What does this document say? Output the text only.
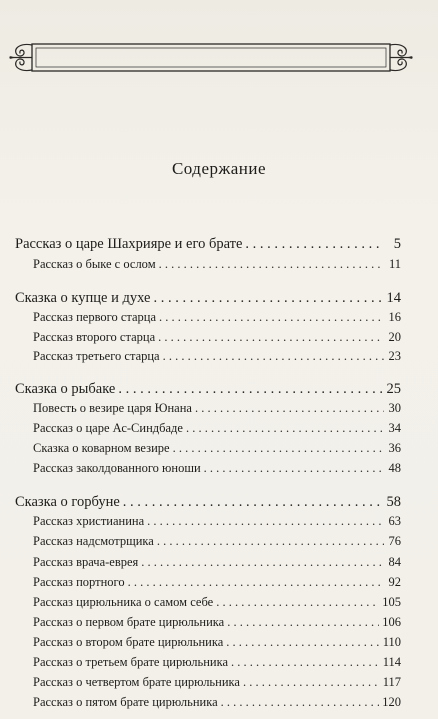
Содержание
Рассказ о царе Шахрияре и его брате . . .	5
Рассказ о быке с ослом . . .	11
Сказка о купце и духе . . .	14
Рассказ первого старца . . .	16
Рассказ второго старца . . .	20
Рассказ третьего старца . . .	23
Сказка о рыбаке . . .	25
Повесть о везире царя Юнана . . .	30
Рассказ о царе Ас-Синдбаде . . .	34
Сказка о коварном везире . . .	36
Рассказ заколдованного юноши . . .	48
Сказка о горбуне . . .	58
Рассказ христианина . . .	63
Рассказ надсмотрщика . . .	76
Рассказ врача-еврея . . .	84
Рассказ портного . . .	92
Рассказ цирюльника о самом себе . . .	105
Рассказ о первом брате цирюльника . . .	106
Рассказ о втором брате цирюльника . . .	110
Рассказ о третьем брате цирюльника . . .	114
Рассказ о четвертом брате цирюльника . . .	117
Рассказ о пятом брате цирюльника . . .	120
